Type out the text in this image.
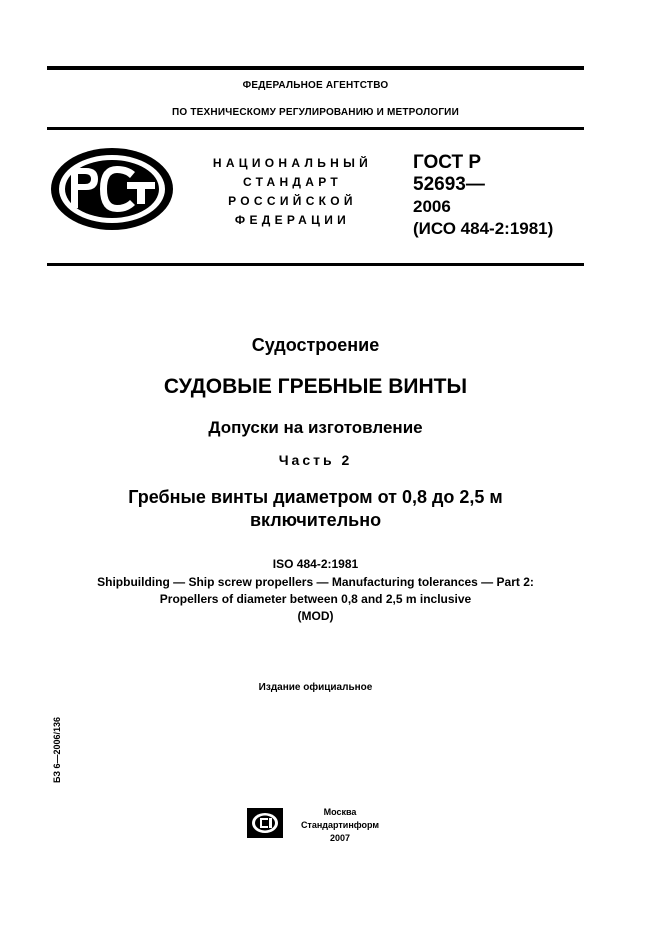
ФЕДЕРАЛЬНОЕ АГЕНТСТВО
ПО ТЕХНИЧЕСКОМУ РЕГУЛИРОВАНИЮ И МЕТРОЛОГИИ
НАЦИОНАЛЬНЫЙ
СТАНДАРТ
РОССИЙСКОЙ
ФЕДЕРАЦИИ
ГОСТ Р
52693—
2006
(ИСО 484-2:1981)
Судостроение
СУДОВЫЕ ГРЕБНЫЕ ВИНТЫ
Допуски на изготовление
Часть 2
Гребные винты диаметром от 0,8 до 2,5 м
включительно
ISO 484-2:1981
Shipbuilding — Ship screw propellers — Manufacturing tolerances — Part 2:
Propellers of diameter between 0,8 and 2,5 m inclusive
(MOD)
Издание официальное
БЗ 6—2006/136
Москва
Стандартинформ
2007
